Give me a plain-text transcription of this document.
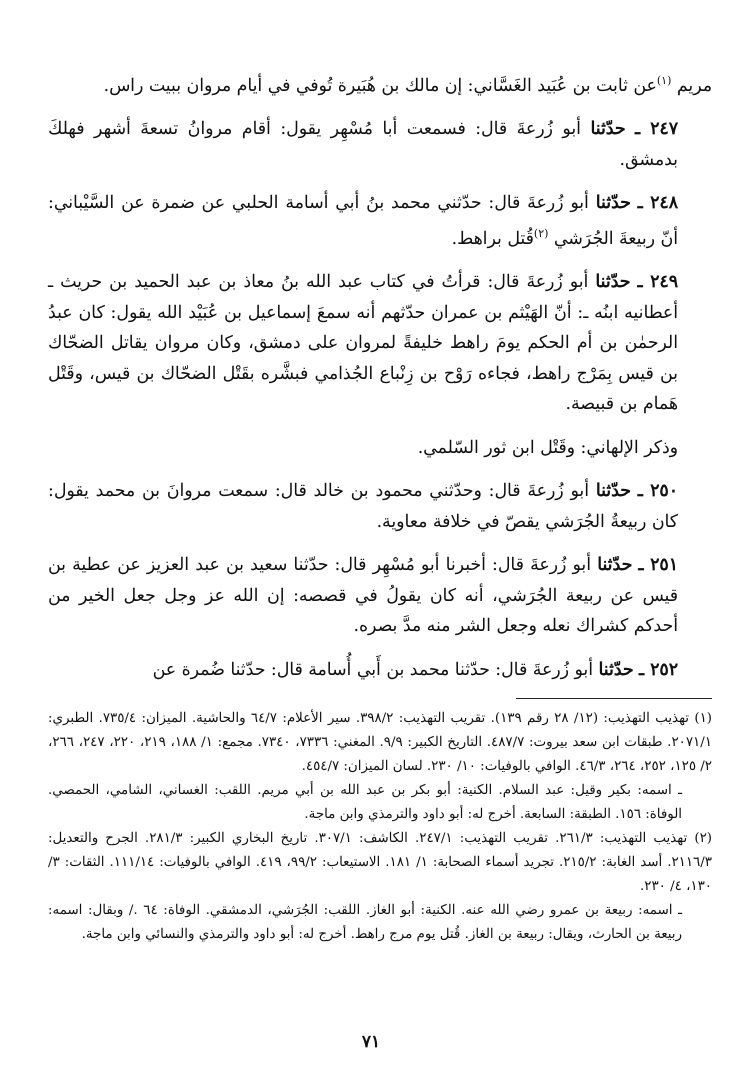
مريم $^{(١)}$عن ثابت بن عُبَيد الغَسَّاني: إن مالك بن هُبَيرة تُوفي في أيام مروان ببيت راس.

٢٤٧ ـ حدّثنا أبو زُرعةَ قال: فسمعت أبا مُسْهِر يقول: أقام مروانُ تسعةَ أشهر فهلكَ بدمشق.

٢٤٨ ـ حدّثنا أبو زُرعةَ قال: حدّثني محمد بنُ أبي أسامة الحلبي عن ضمرة عن السَّيْباني: أنّ ربيعةَ الجُرَشي $^{(٢)}$قُتل براهط.

٢٤٩ ـ حدّثنا أبو زُرعةَ قال: قرأتُ في كتاب عبد الله بنُ معاذ بن عبد الحميد بن حريث ـ أعطانيه ابنُه ـ: أنّ الهَيْثم بن عمران حدّثهم أنه سمعَ إسماعيل بن عُبَيْد الله يقول: كان عبدُ الرحمٰن بن أم الحكم يومَ راهط خليفةً لمروان على دمشق، وكان مروان يقاتل الضحّاك بن قيس بِمَرْج راهط، فجاءه رَوْح بن زِنْباع الجُذامي فبشَّره بقَتْل الضحّاك بن قيس، وقَتْل هَمام بن قبيصة.

وذكر الإلهاني: وقَتْل ابن ثور السّلمي.

٢٥٠ ـ حدّثنا أبو زُرعةَ قال: وحدّثني محمود بن خالد قال: سمعت مروانَ بن محمد يقول: كان ربيعةُ الجُرَشي يقصّ في خلافة معاوية.

٢٥١ ـ حدّثنا أبو زُرعةَ قال: أخبرنا أبو مُسْهِر قال: حدّثنا سعيد بن عبد العزيز عن عطية بن قيس عن ربيعة الجُرَشي، أنه كان يقولُ في قصصه: إن الله عز وجل جعل الخير من أحدكم كشراك نعله وجعل الشر منه مدَّ بصره.

٢٥٢ ـ حدّثنا أبو زُرعةَ قال: حدّثنا محمد بن أَبي أُسامة قال: حدّثنا ضُمرة عن

(١) تهذيب التهذيب: (١٢/ ٢٨ رقم ١٣٩). تقريب التهذيب: ٣٩٨/٢. سير الأعلام: ٦٤/٧ والحاشية. الميزان: ٧٣٥/٤. الطبري: ٢٠٧١/١. طبقات ابن سعد بيروت: ٤٨٧/٧. التاريخ الكبير: ٩/٩. المغني: ٧٣٣٦، ٧٣٤٠. مجمع: ١/ ١٨٨، ٢١٩، ٢٢٠، ٢٤٧، ٢٦٦، ٢/ ١٢٥، ٢٥٢، ٢٦٤، ٤٦/٣. الوافي بالوفيات: ١٠/ ٢٣٠. لسان الميزان: ٤٥٤/٧.

ـ اسمه: بكير وقيل: عبد السلام. الكنية: أبو بكر بن عبد الله بن أبي مريم. اللقب: الغساني، الشامي، الحمصي. الوفاة: ١٥٦. الطبقة: السابعة. أخرج له: أبو داود والترمذي وابن ماجة.

(٢) تهذيب التهذيب: ٢٦١/٣. تقريب التهذيب: ٢٤٧/١. الكاشف: ٣٠٧/١. تاريخ البخاري الكبير: ٢٨١/٣. الجرح والتعديل: ٢١١٦/٣. أسد الغابة: ٢١٥/٢. تجريد أسماء الصحابة: ١/ ١٨١. الاستيعاب: ٩٩/٢، ٤١٩. الوافي بالوفيات: ١١١/١٤. الثقات: ٣/ ١٣٠، ٤/ ٢٣٠.

ـ اسمه: ربيعة بن عمرو رضي الله عنه. الكنية: أبو الغاز. اللقب: الجُرَشي، الدمشقي. الوفاة: ٦٤ ./ وبقال: اسمه: ربيعة بن الحارث، ويقال: ربيعة بن الغاز. قُتل يوم مرج راهط. أخرج له: أبو داود والترمذي والنسائي وابن ماجة.

٧١
